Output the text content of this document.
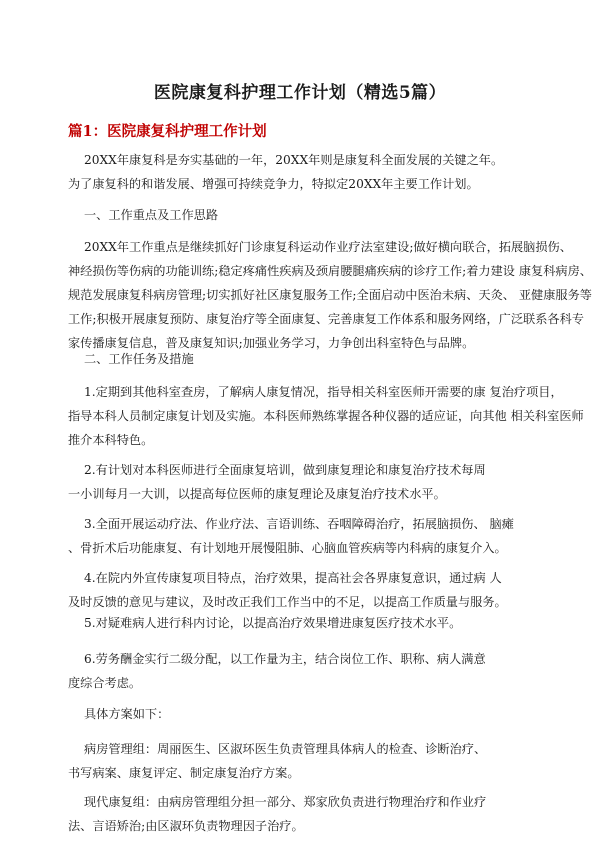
医院康复科护理工作计划（精选5篇）
篇1：医院康复科护理工作计划
20XX年康复科是夯实基础的一年，20XX年则是康复科全面发展的关键之年。
为了康复科的和谐发展、增强可持续竞争力，特拟定20XX年主要工作计划。
一、工作重点及工作思路
20XX年工作重点是继续抓好门诊康复科运动作业疗法室建设;做好横向联合，拓展脑损伤、
神经损伤等伤病的功能训练;稳定疼痛性疾病及颈肩腰腿痛疾病的诊疗工作;着力建设 康复科病房、
规范发展康复科病房管理;切实抓好社区康复服务工作;全面启动中医治未病、天灸、 亚健康服务等
工作;积极开展康复预防、康复治疗等全面康复、完善康复工作体系和服务网络，广泛联系各科专
家传播康复信息，普及康复知识;加强业务学习，力争创出科室特色与品牌。
二、工作任务及措施
1.定期到其他科室查房，了解病人康复情况，指导相关科室医师开需要的康 复治疗项目，
指导本科人员制定康复计划及实施。本科医师熟练掌握各种仪器的适应证，向其他 相关科室医师
推介本科特色。
2.有计划对本科医师进行全面康复培训，做到康复理论和康复治疗技术每周
一小训每月一大训，以提高每位医师的康复理论及康复治疗技术水平。
3.全面开展运动疗法、作业疗法、言语训练、吞咽障碍治疗，拓展脑损伤、 脑瘫
、骨折术后功能康复、有计划地开展慢阻肺、心脑血管疾病等内科病的康复介入。
4.在院内外宣传康复项目特点，治疗效果，提高社会各界康复意识，通过病 人
及时反馈的意见与建议，及时改正我们工作当中的不足，以提高工作质量与服务。
5.对疑难病人进行科内讨论，以提高治疗效果增进康复医疗技术水平。
6.劳务酬金实行二级分配，以工作量为主，结合岗位工作、职称、病人满意
度综合考虑。
具体方案如下：
病房管理组：周丽医生、区淑环医生负责管理具体病人的检查、诊断治疗、
书写病案、康复评定、制定康复治疗方案。
现代康复组：由病房管理组分担一部分、郑家欣负责进行物理治疗和作业疗
法、言语矫治;由区淑环负责物理因子治疗。
